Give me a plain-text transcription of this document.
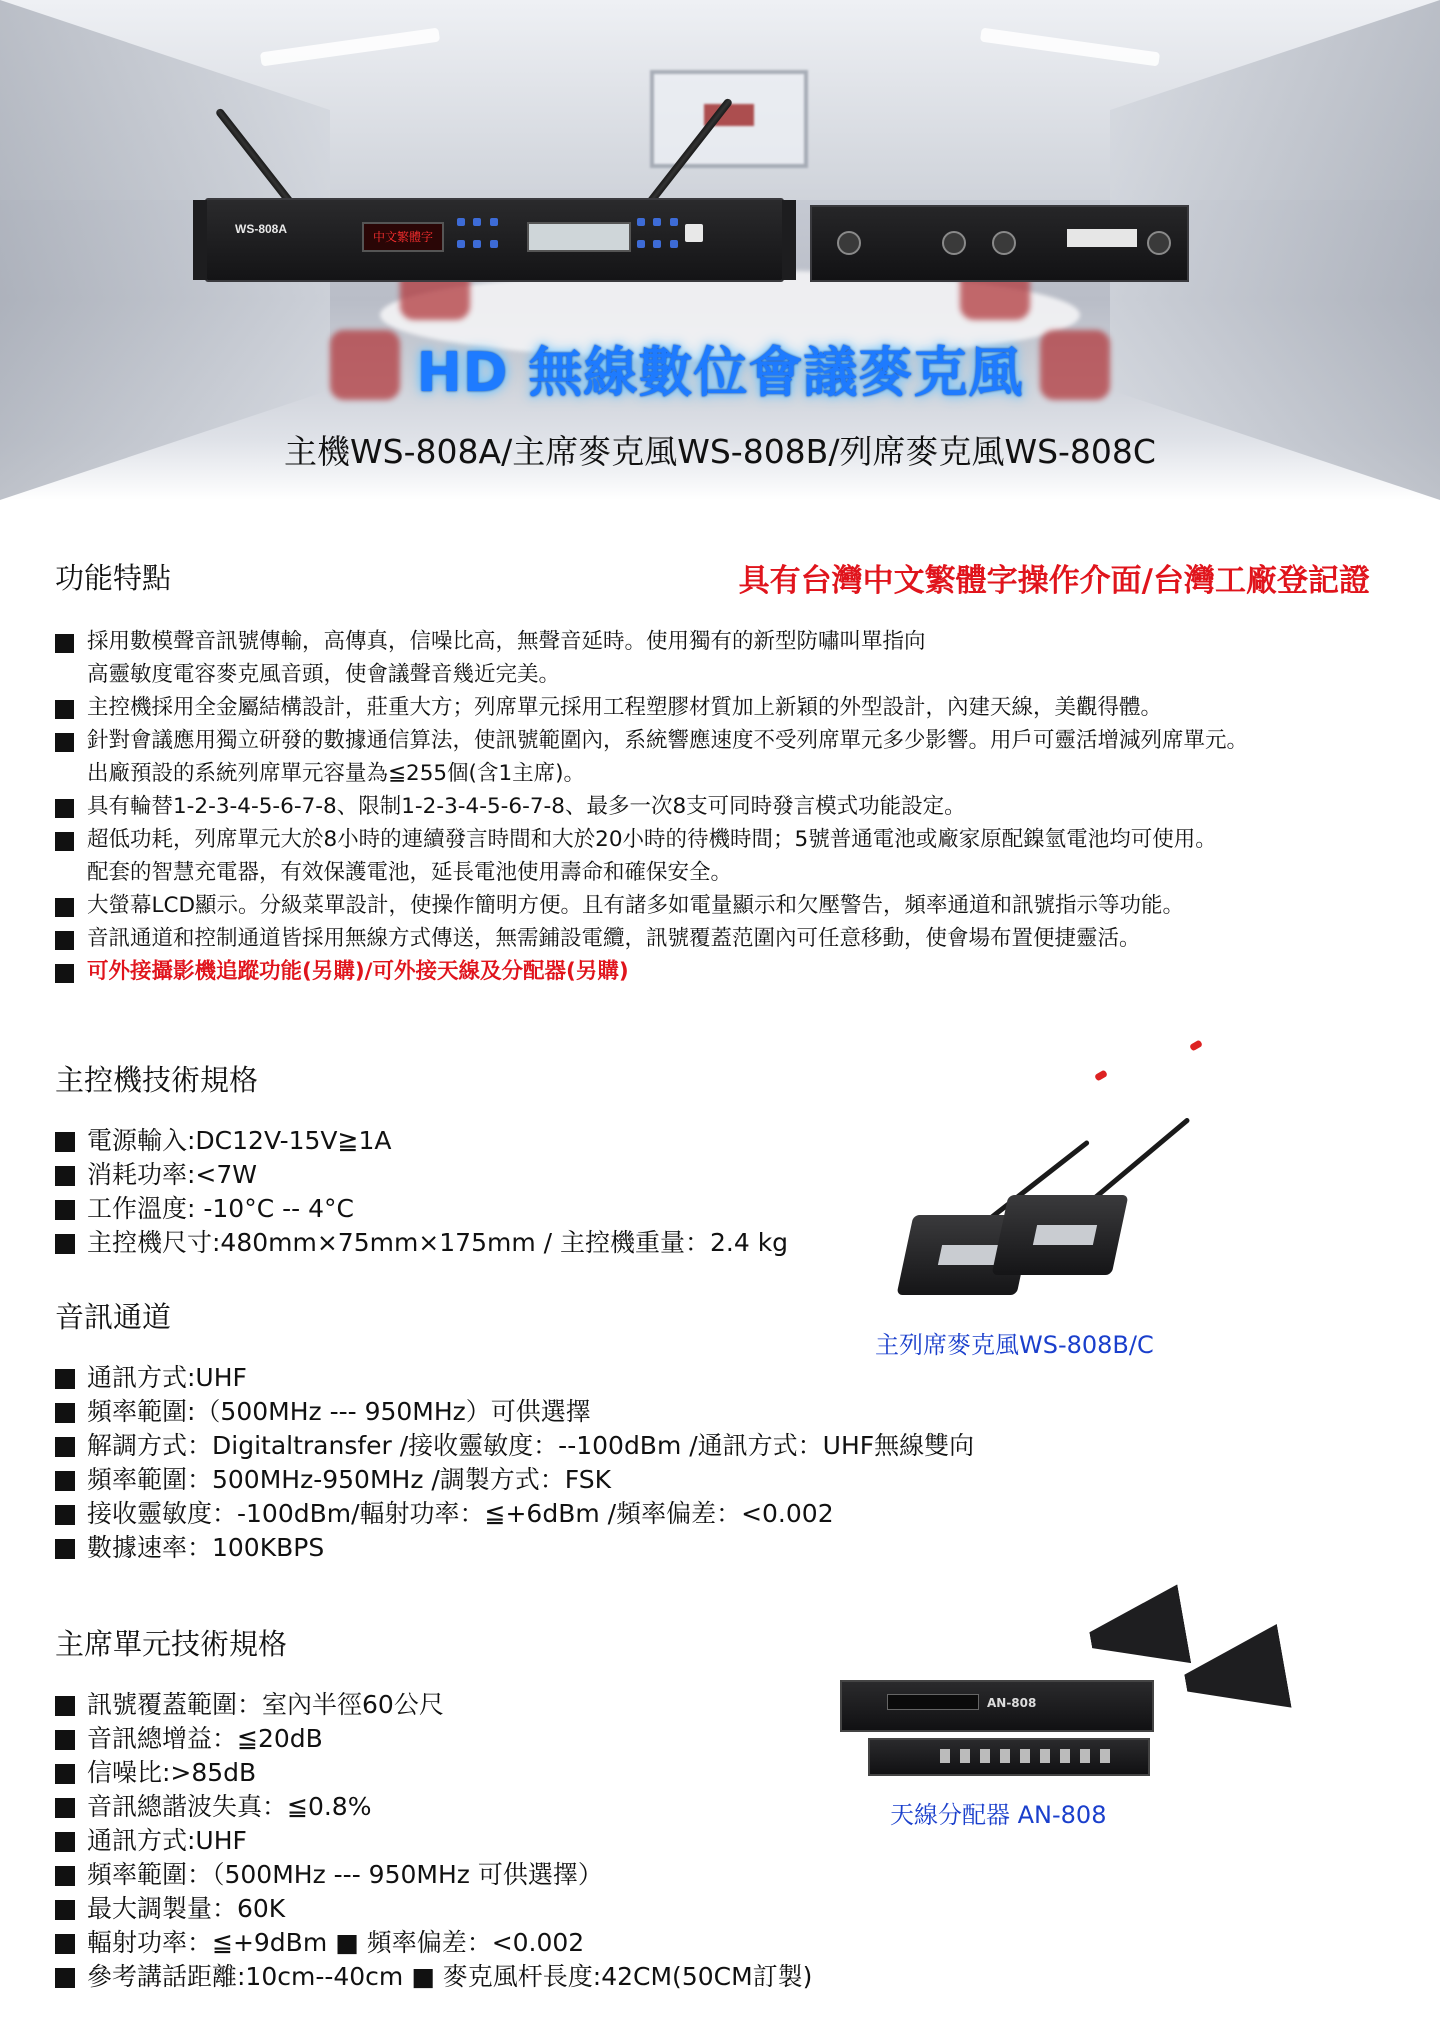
WS-808A
中文繁體字
HD 無線數位會議麥克風
主機WS-808A/主席麥克風WS-808B/列席麥克風WS-808C
功能特點	具有台灣中文繁體字操作介面/台灣工廠登記證
採用數模聲音訊號傳輸，高傳真，信噪比高，無聲音延時。使用獨有的新型防嘯叫單指向
高靈敏度電容麥克風音頭，使會議聲音幾近完美。
主控機採用全金屬結構設計，莊重大方；列席單元採用工程塑膠材質加上新穎的外型設計，內建天線，美觀得體。
針對會議應用獨立研發的數據通信算法，使訊號範圍內，系統響應速度不受列席單元多少影響。用戶可靈活增減列席單元。
出廠預設的系統列席單元容量為≦255個(含1主席)。
具有輪替1-2-3-4-5-6-7-8、限制1-2-3-4-5-6-7-8、最多一次8支可同時發言模式功能設定。
超低功耗，列席單元大於8小時的連續發言時間和大於20小時的待機時間；5號普通電池或廠家原配鎳氫電池均可使用。
配套的智慧充電器，有效保護電池，延長電池使用壽命和確保安全。
大螢幕LCD顯示。分級菜單設計，使操作簡明方便。且有諸多如電量顯示和欠壓警告，頻率通道和訊號指示等功能。
音訊通道和控制通道皆採用無線方式傳送，無需鋪設電纜，訊號覆蓋范圍內可任意移動，使會場布置便捷靈活。
可外接攝影機追蹤功能(另購)/可外接天線及分配器(另購)
主控機技術規格
電源輸入:DC12V-15V≧1A
消耗功率:<7W
工作溫度: -10°C -- 4°C
主控機尺寸:480mm×75mm×175mm / 主控機重量：2.4 kg
主列席麥克風WS-808B/C
音訊通道
通訊方式:UHF
頻率範圍:（500MHz --- 950MHz）可供選擇
解調方式：Digitaltransfer /接收靈敏度：--100dBm /通訊方式：UHF無線雙向
頻率範圍：500MHz-950MHz /調製方式：FSK
接收靈敏度：-100dBm/輻射功率：≦+6dBm /頻率偏差：<0.002
數據速率：100KBPS
主席單元技術規格
訊號覆蓋範圍：室內半徑60公尺
音訊總增益：≦20dB
信噪比:>85dB
音訊總諧波失真：≦0.8%
通訊方式:UHF
頻率範圍：（500MHz --- 950MHz 可供選擇）
最大調製量：60K
輻射功率：≦+9dBm ■ 頻率偏差：<0.002
參考講話距離:10cm--40cm ■ 麥克風杆長度:42CM(50CM訂製)
AN-808
天線分配器 AN-808
